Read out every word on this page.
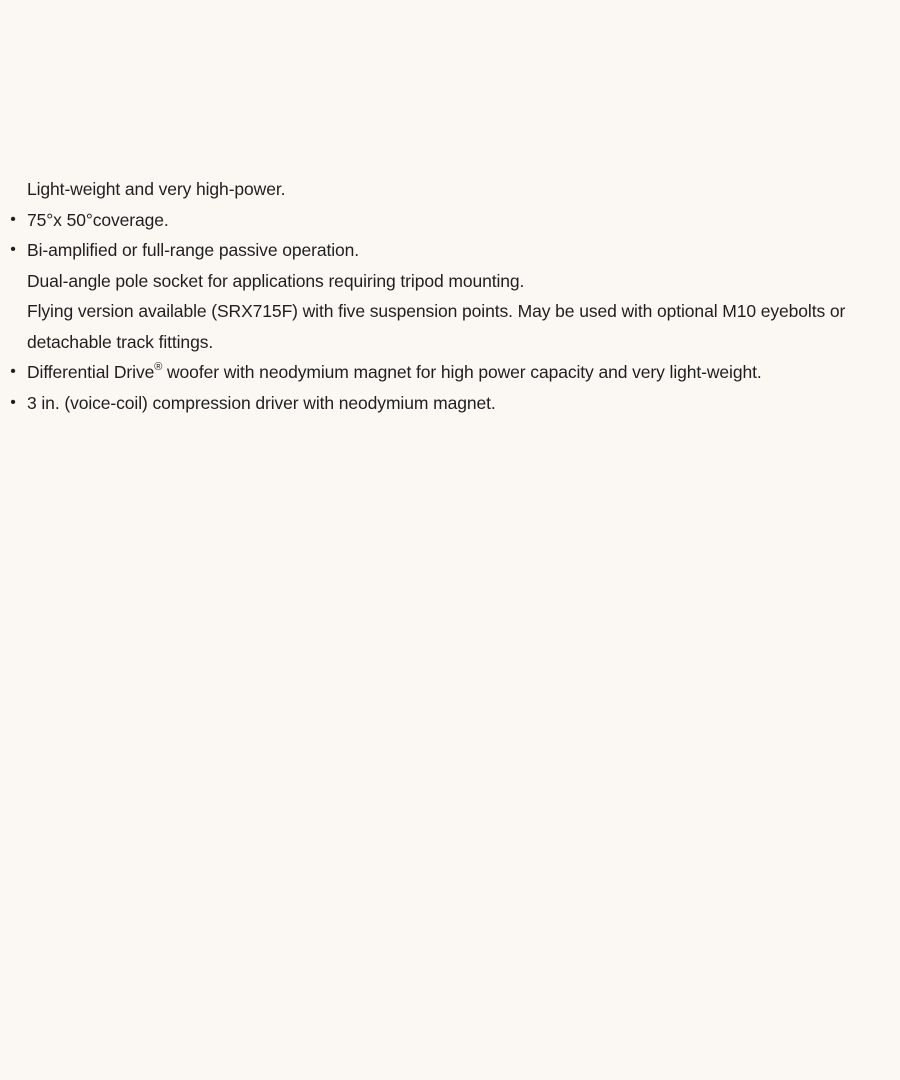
Light-weight and very high-power.
• 75°x 50°coverage.
• Bi-amplified or full-range passive operation.
Dual-angle pole socket for applications requiring tripod mounting.
Flying version available (SRX715F) with five suspension points. May be used with optional M10 eyebolts or detachable track fittings.
• Differential Drive® woofer with neodymium magnet for high power capacity and very light-weight.
• 3 in. (voice-coil) compression driver with neodymium magnet.
